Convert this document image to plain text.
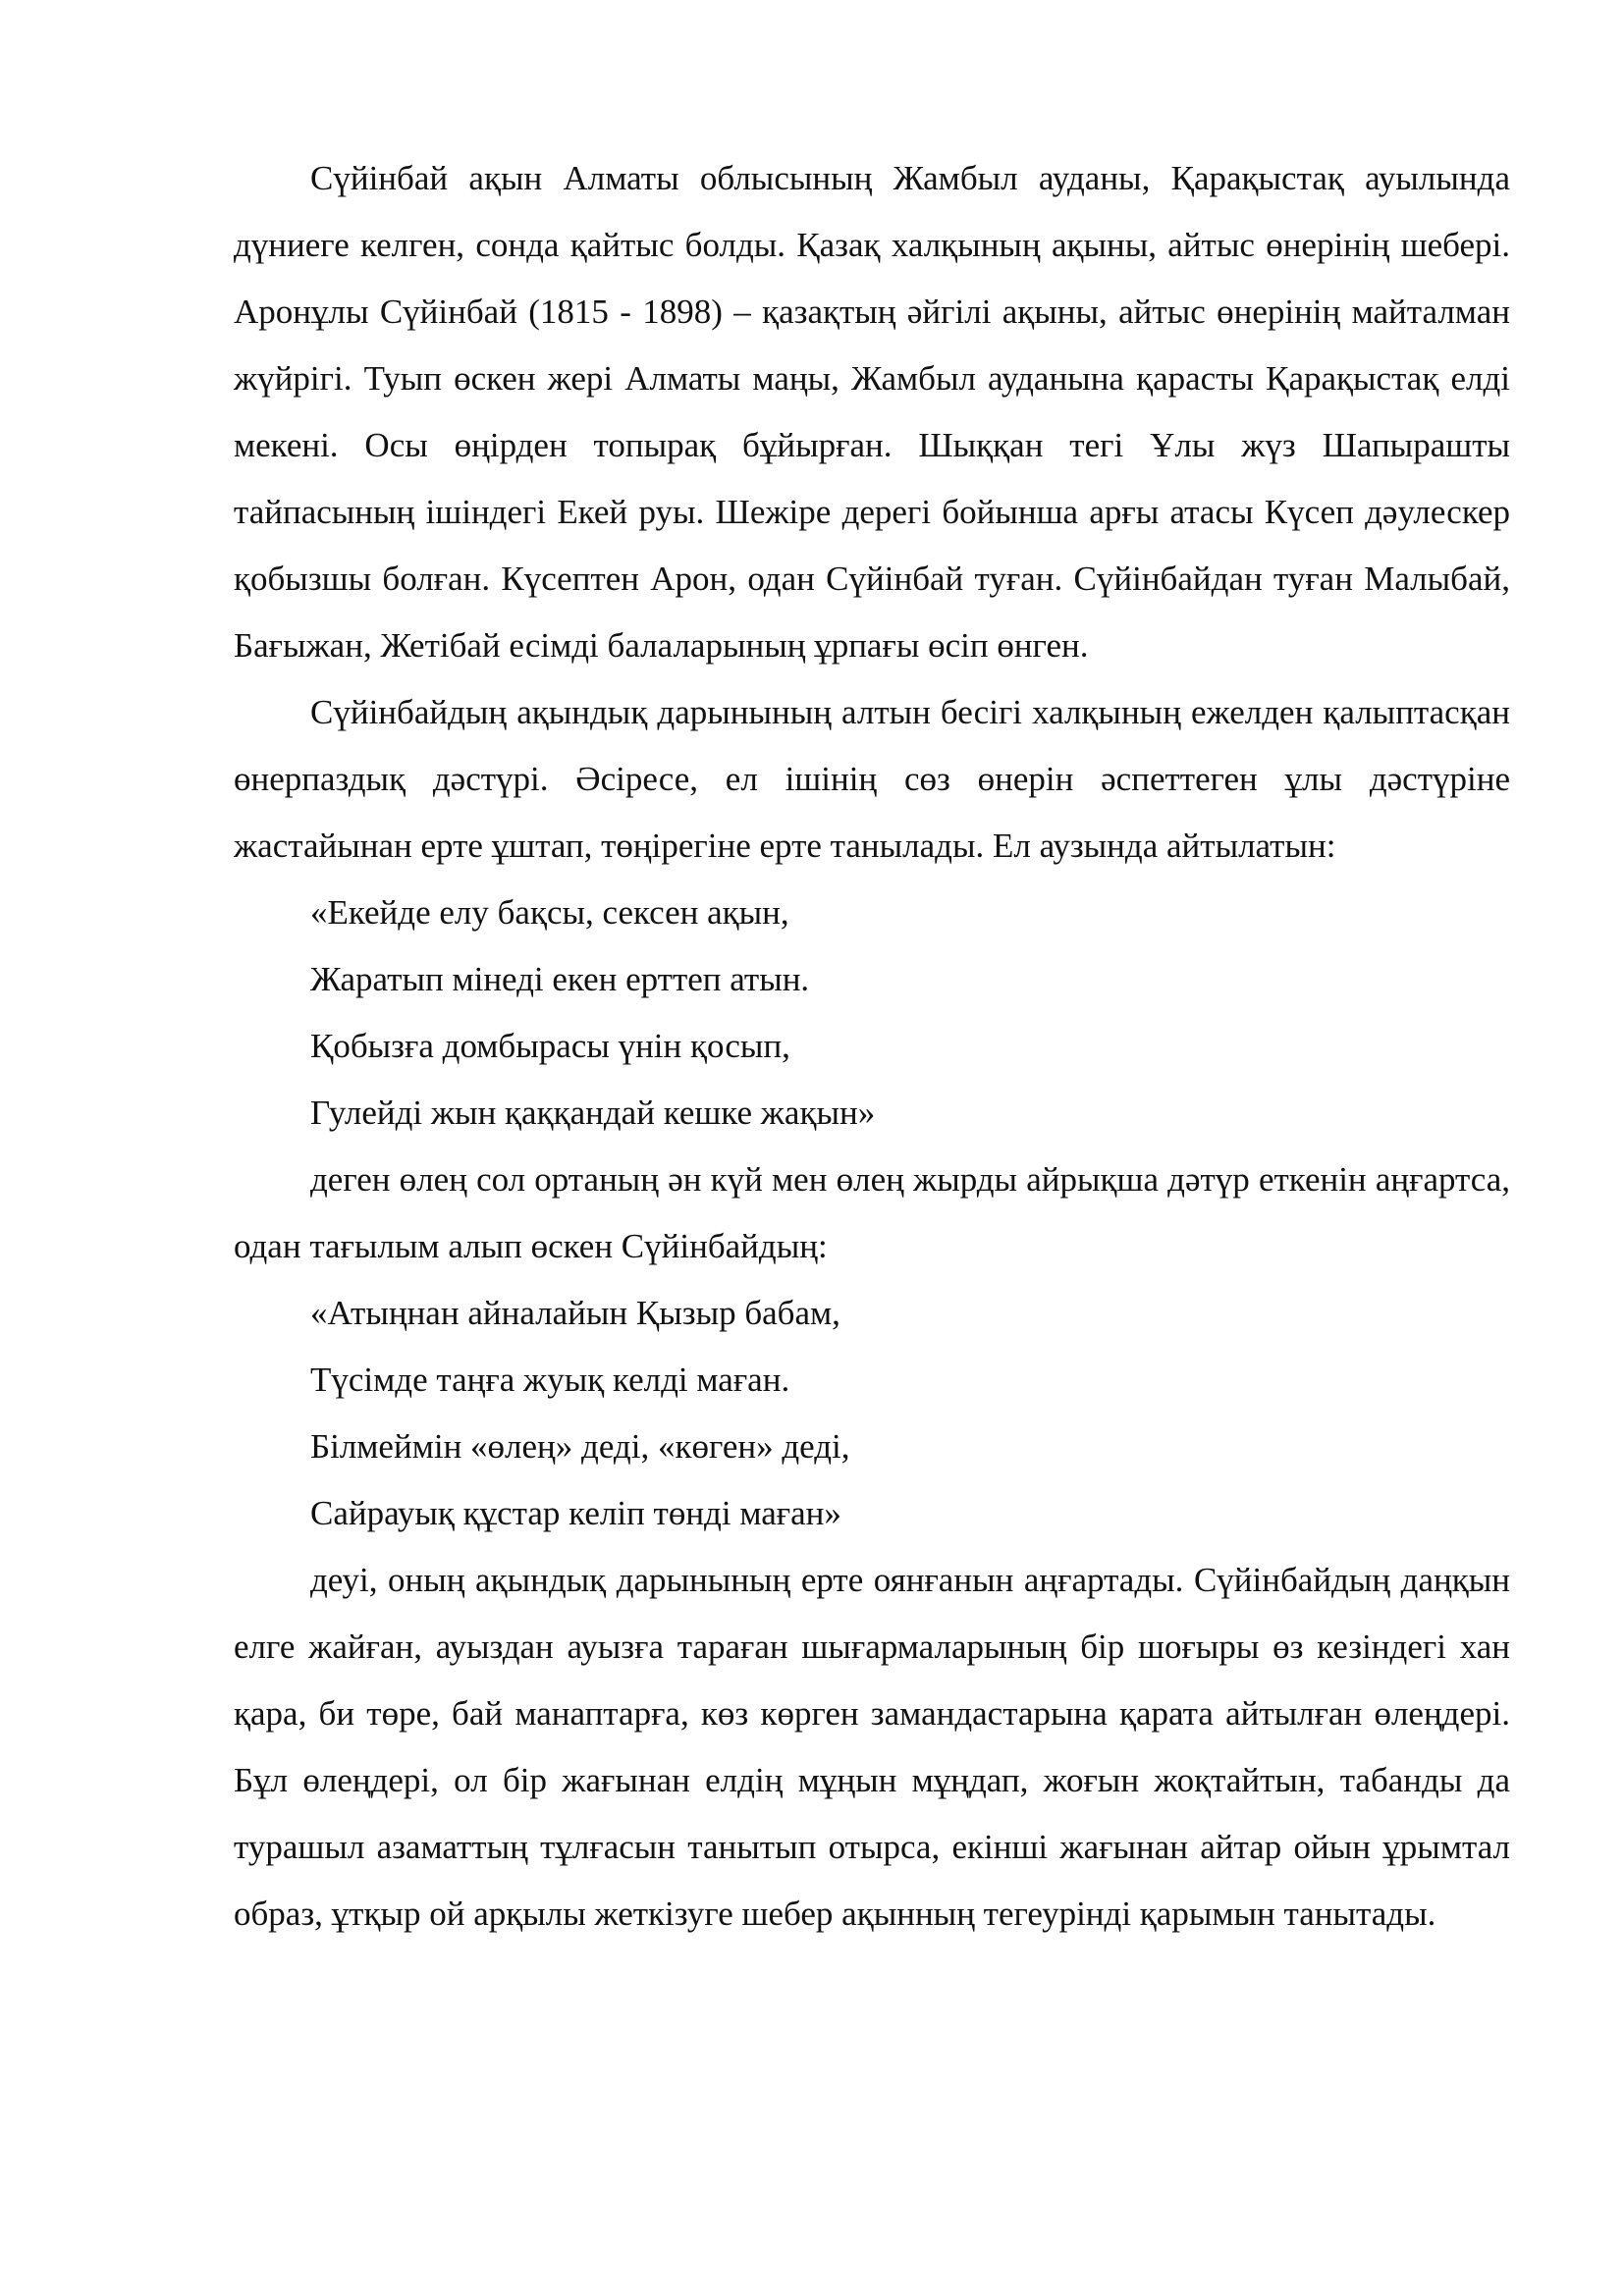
Сүйінбай ақын Алматы облысының Жамбыл ауданы, Қарақыстақ ауылында дүниеге келген, сонда қайтыс болды. Қазақ халқының ақыны, айтыс өнерінің шебері. Аронұлы Сүйінбай (1815 - 1898) – қазақтың әйгілі ақыны, айтыс өнерінің майталман жүйрігі. Туып өскен жері Алматы маңы, Жамбыл ауданына қарасты Қарақыстақ елді мекені. Осы өңірден топырақ бұйырған. Шыққан тегі Ұлы жүз Шапырашты тайпасының ішіндегі Екей руы. Шежіре дерегі бойынша арғы атасы Күсеп дәулескер қобызшы болған. Күсептен Арон, одан Сүйінбай туған. Сүйінбайдан туған Малыбай, Бағыжан, Жетібай есімді балаларының ұрпағы өсіп өнген.

Сүйінбайдың ақындық дарынының алтын бесігі халқының ежелден қалыптасқан өнерпаздық дәстүрі. Әсіресе, ел ішінің сөз өнерін әспеттеген ұлы дәстүріне жастайынан ерте ұштап, төңірегіне ерте танылады. Ел аузында айтылатын:

«Екейде елу бақсы, сексен ақын,

Жаратып мінеді екен ерттеп атын.

Қобызға домбырасы үнін қосып,

Гулейді жын қаққандай кешке жақын»

деген өлең сол ортаның ән күй мен өлең жырды айрықша дәтүр еткенін аңғартса, одан тағылым алып өскен Сүйінбайдың:

«Атыңнан айналайын Қызыр бабам,

Түсімде таңға жуық келді маған.

Білмеймін «өлең» деді, «көген» деді,

Сайрауық құстар келіп төнді маған»

деуі, оның ақындық дарынының ерте оянғанын аңғартады. Сүйінбайдың даңқын елге жайған, ауыздан ауызға тараған шығармаларының бір шоғыры өз кезіндегі хан қара, би төре, бай манаптарға, көз көрген замандастарына қарата айтылған өлеңдері. Бұл өлеңдері, ол бір жағынан елдің мұңын мұңдап, жоғын жоқтайтын, табанды да турашыл азаматтың тұлғасын танытып отырса, екінші жағынан айтар ойын ұрымтал образ, ұтқыр ой арқылы жеткізуге шебер ақынның тегеурінді қарымын танытады.
